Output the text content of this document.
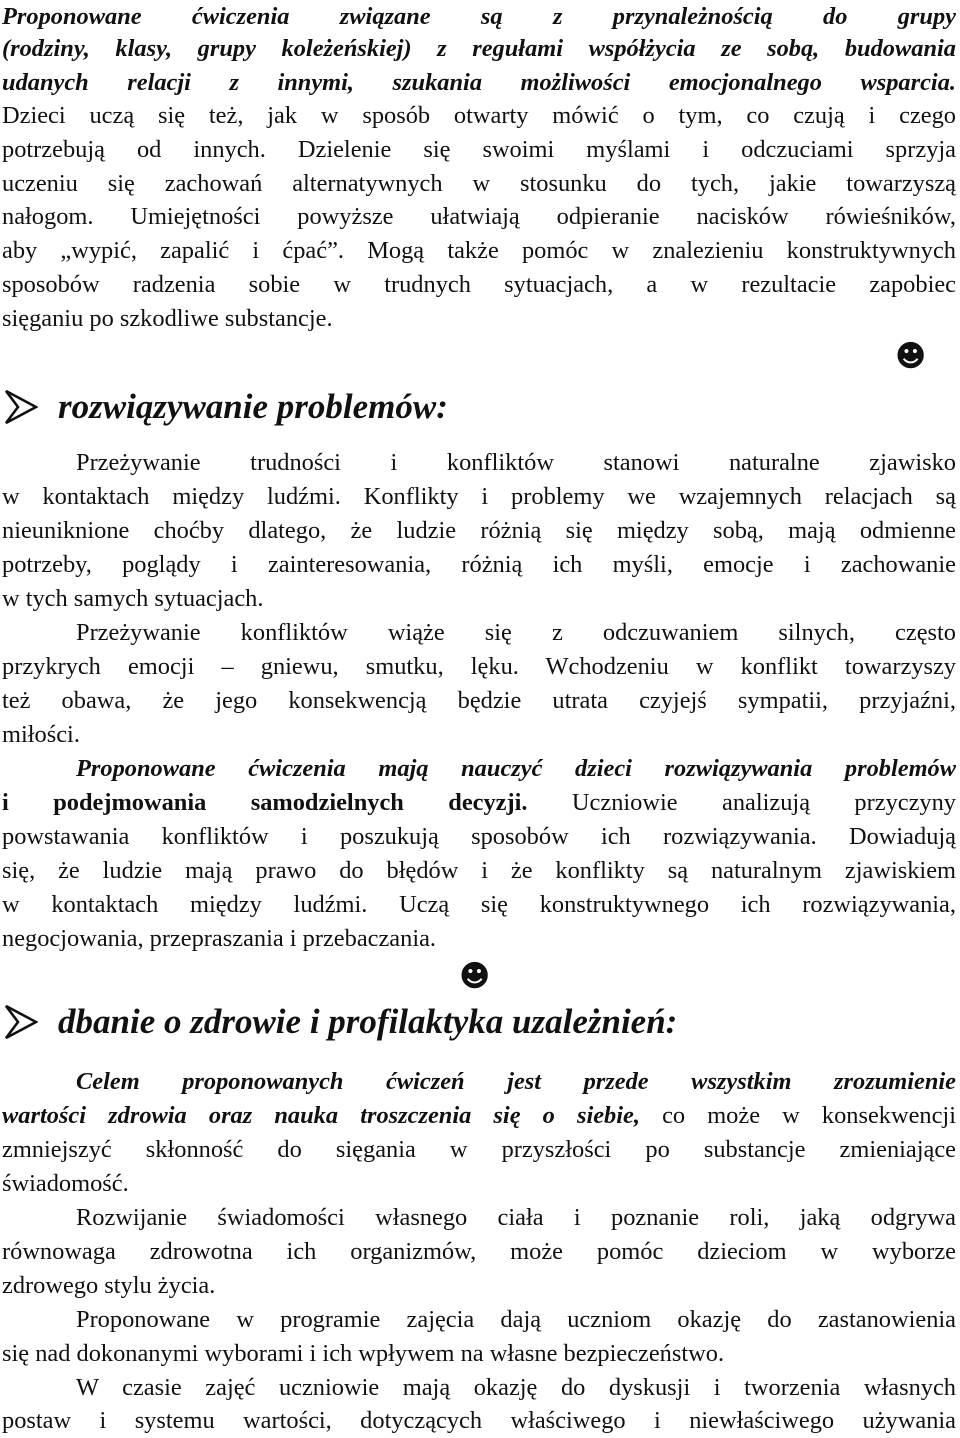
Proponowane ćwiczenia związane są z przynależnością do grupy
(rodziny, klasy, grupy koleżeńskiej) z regułami współżycia ze sobą, budowania
udanych relacji z innymi, szukania możliwości emocjonalnego wsparcia.
Dzieci uczą się też, jak w sposób otwarty mówić o tym, co czują i czego
potrzebują od innych. Dzielenie się swoimi myślami i odczuciami sprzyja
uczeniu się zachowań alternatywnych w stosunku do tych, jakie towarzyszą
nałogom. Umiejętności powyższe ułatwiają odpieranie nacisków rówieśników,
aby „wypić, zapalić i ćpać”. Mogą także pomóc w znalezieniu konstruktywnych
sposobów radzenia sobie w trudnych sytuacjach, a w rezultacie zapobiec
sięganiu po szkodliwe substancje.
☻
rozwiązywanie problemów:
Przeżywanie trudności i konfliktów stanowi naturalne zjawisko
w kontaktach między ludźmi. Konflikty i problemy we wzajemnych relacjach są
nieuniknione choćby dlatego, że ludzie różnią się między sobą, mają odmienne
potrzeby, poglądy i zainteresowania, różnią ich myśli, emocje i zachowanie
w tych samych sytuacjach.
Przeżywanie konfliktów wiąże się z odczuwaniem silnych, często
przykrych emocji – gniewu, smutku, lęku. Wchodzeniu w konflikt towarzyszy
też obawa, że jego konsekwencją będzie utrata czyjejś sympatii, przyjaźni,
miłości.
Proponowane ćwiczenia mają nauczyć dzieci rozwiązywania problemów
i podejmowania samodzielnych decyzji. Uczniowie analizują przyczyny
powstawania konfliktów i poszukują sposobów ich rozwiązywania. Dowiadują
się, że ludzie mają prawo do błędów i że konflikty są naturalnym zjawiskiem
w kontaktach między ludźmi. Uczą się konstruktywnego ich rozwiązywania,
negocjowania, przepraszania i przebaczania.
☻
dbanie o zdrowie i profilaktyka uzależnień:
Celem proponowanych ćwiczeń jest przede wszystkim zrozumienie
wartości zdrowia oraz nauka troszczenia się o siebie, co może w konsekwencji
zmniejszyć skłonność do sięgania w przyszłości po substancje zmieniające
świadomość.
Rozwijanie świadomości własnego ciała i poznanie roli, jaką odgrywa
równowaga zdrowotna ich organizmów, może pomóc dzieciom w wyborze
zdrowego stylu życia.
Proponowane w programie zajęcia dają uczniom okazję do zastanowienia
się nad dokonanymi wyborami i ich wpływem na własne bezpieczeństwo.
W czasie zajęć uczniowie mają okazję do dyskusji i tworzenia własnych
postaw i systemu wartości, dotyczących właściwego i niewłaściwego używania
